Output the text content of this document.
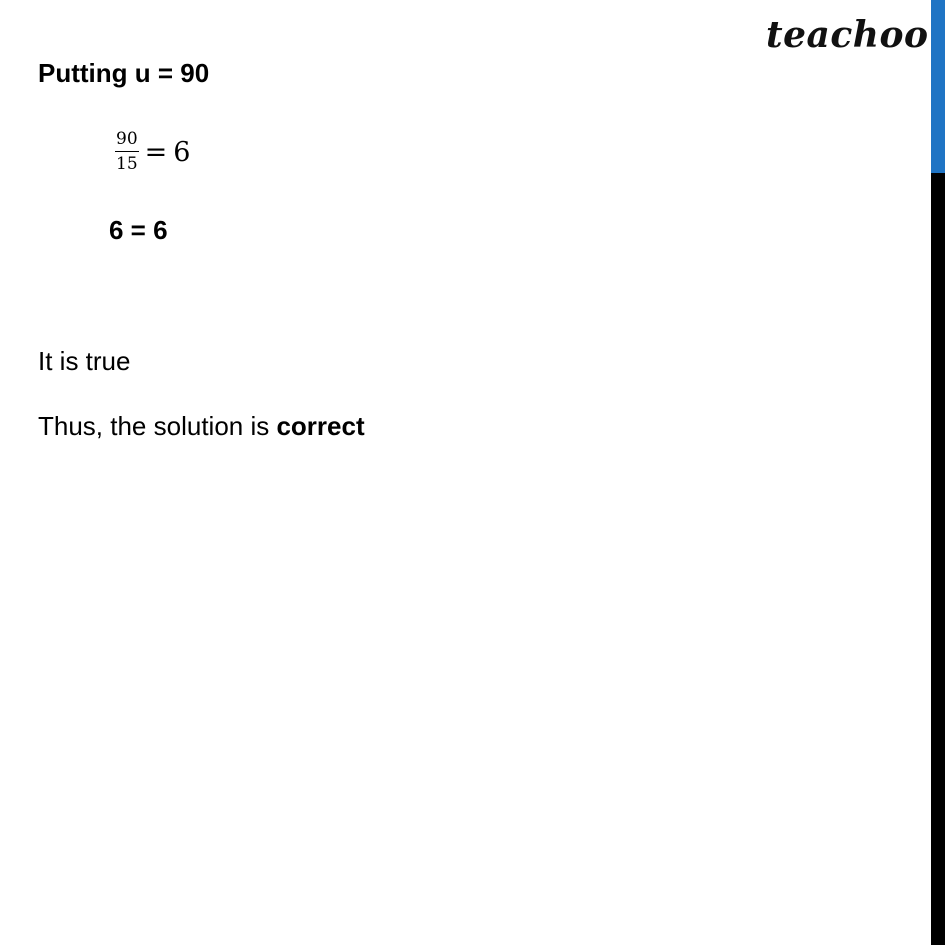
teachoo
Putting u = 90
$\frac{90}{15} = 6$
6 = 6
It is true
Thus, the solution is correct
